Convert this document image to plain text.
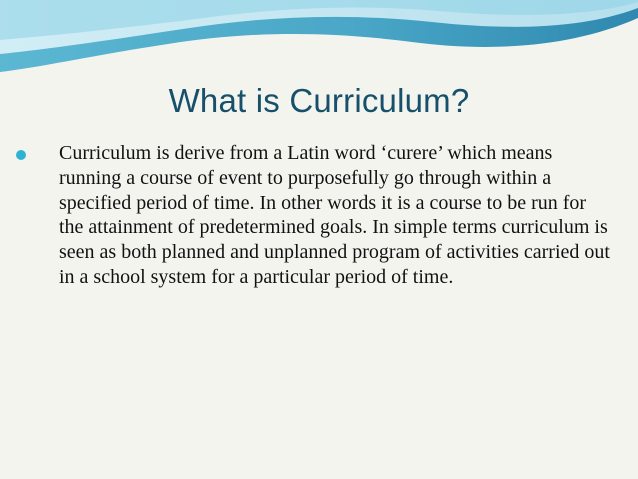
What is Curriculum?

Curriculum is derive from a Latin word ‘curere’ which means running a course of event to purposefully go through within a specified period of time. In other words it is a course to be run for the attainment of predetermined goals. In simple terms curriculum is seen as both planned and unplanned program of activities carried out in a school system for a particular period of time.
